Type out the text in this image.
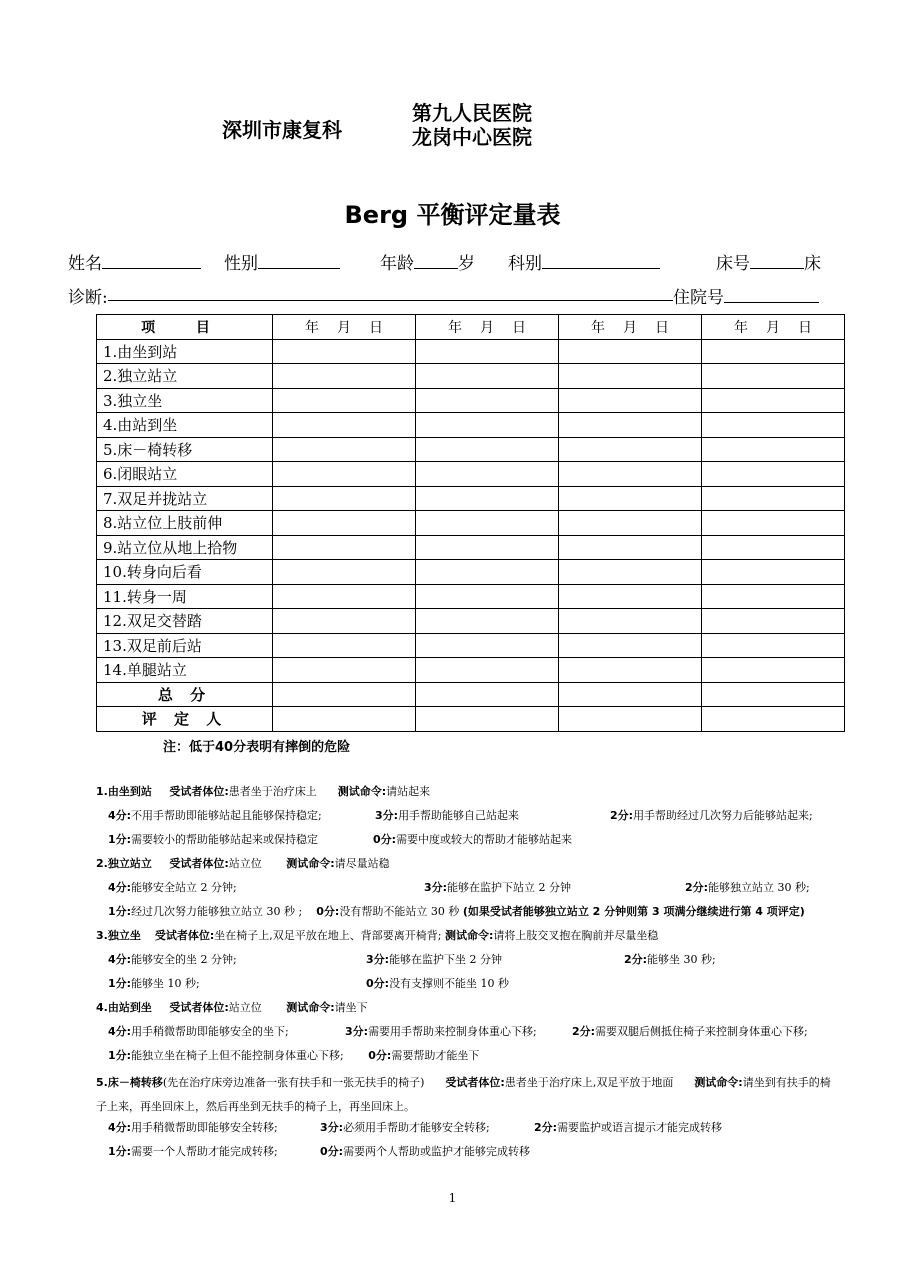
深圳市康复科
第九人民医院
龙岗中心医院
Berg 平衡评定量表
姓名	性别	年龄	岁 科别	床号	床
诊断:	住院号
项 目	年 月 日	年 月 日	年 月 日	年 月 日
1.由坐到站				
2.独立站立				
3.独立坐				
4.由站到坐				
5.床－椅转移				
6.闭眼站立				
7.双足并拢站立				
8.站立位上肢前伸				
9.站立位从地上拾物				
10.转身向后看				
11.转身一周				
12.双足交替踏				
13.双足前后站				
14.单腿站立				
总 分				
评 定 人				
注：低于40分表明有摔倒的危险
1.由坐到站 受试者体位:患者坐于治疗床上 测试命令:请站起来
4分:不用手帮助即能够站起且能够保持稳定;	3分:用手帮助能够自己站起来	2分:用手帮助经过几次努力后能够站起来;
1分:需要较小的帮助能够站起来或保持稳定	0分:需要中度或较大的帮助才能够站起来
2.独立站立 受试者体位:站立位 测试命令:请尽量站稳
4分:能够安全站立 2 分钟;	3分:能够在监护下站立 2 分钟	2分:能够独立站立 30 秒;
1分:经过几次努力能够独立站立 30 秒 ; 0分:没有帮助不能站立 30 秒 (如果受试者能够独立站立 2 分钟则第 3 项满分继续进行第 4 项评定)
3.独立坐 受试者体位:坐在椅子上,双足平放在地上、背部要离开椅背; 测试命令:请将上肢交叉抱在胸前并尽量坐稳
4分:能够安全的坐 2 分钟;	3分:能够在监护下坐 2 分钟	2分:能够坐 30 秒;
1分:能够坐 10 秒;	0分:没有支撑则不能坐 10 秒
4.由站到坐 受试者体位:站立位 测试命令:请坐下
4分:用手稍微帮助即能够安全的坐下;	3分:需要用手帮助来控制身体重心下移;	2分:需要双腿后侧抵住椅子来控制身体重心下移;
1分:能独立坐在椅子上但不能控制身体重心下移; 0分:需要帮助才能坐下
5.床－椅转移(先在治疗床旁边准备一张有扶手和一张无扶手的椅子) 受试者体位:患者坐于治疗床上,双足平放于地面 测试命令:请坐到有扶手的椅子上来，再坐回床上，然后再坐到无扶手的椅子上，再坐回床上。
4分:用手稍微帮助即能够安全转移;	3分:必须用手帮助才能够安全转移;	2分:需要监护或语言提示才能完成转移
1分:需要一个人帮助才能完成转移;	0分:需要两个人帮助或监护才能够完成转移
1
